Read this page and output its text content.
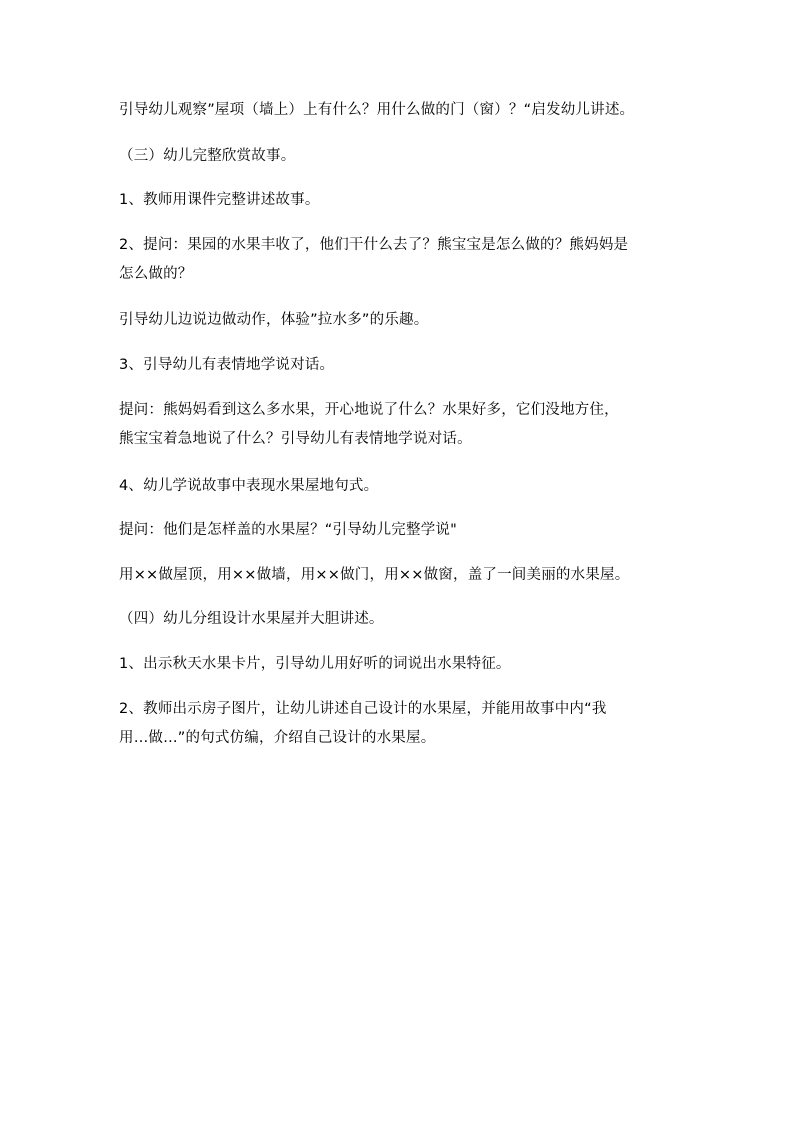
引导幼儿观察”屋项（墙上）上有什么？用什么做的门（窗）？“启发幼儿讲述。
（三）幼儿完整欣赏故事。
1、教师用课件完整讲述故事。
2、提问：果园的水果丰收了，他们干什么去了？熊宝宝是怎么做的？熊妈妈是
怎么做的？
引导幼儿边说边做动作，体验”拉水多”的乐趣。
3、引导幼儿有表情地学说对话。
提问：熊妈妈看到这么多水果，开心地说了什么？水果好多，它们没地方住，
熊宝宝着急地说了什么？引导幼儿有表情地学说对话。
4、幼儿学说故事中表现水果屋地句式。
提问：他们是怎样盖的水果屋？“引导幼儿完整学说"
用××做屋顶，用××做墙，用××做门，用××做窗，盖了一间美丽的水果屋。
（四）幼儿分组设计水果屋并大胆讲述。
1、出示秋天水果卡片，引导幼儿用好听的词说出水果特征。
2、教师出示房子图片，让幼儿讲述自己设计的水果屋，并能用故事中内“我
用…做…”的句式仿编，介绍自己设计的水果屋。
